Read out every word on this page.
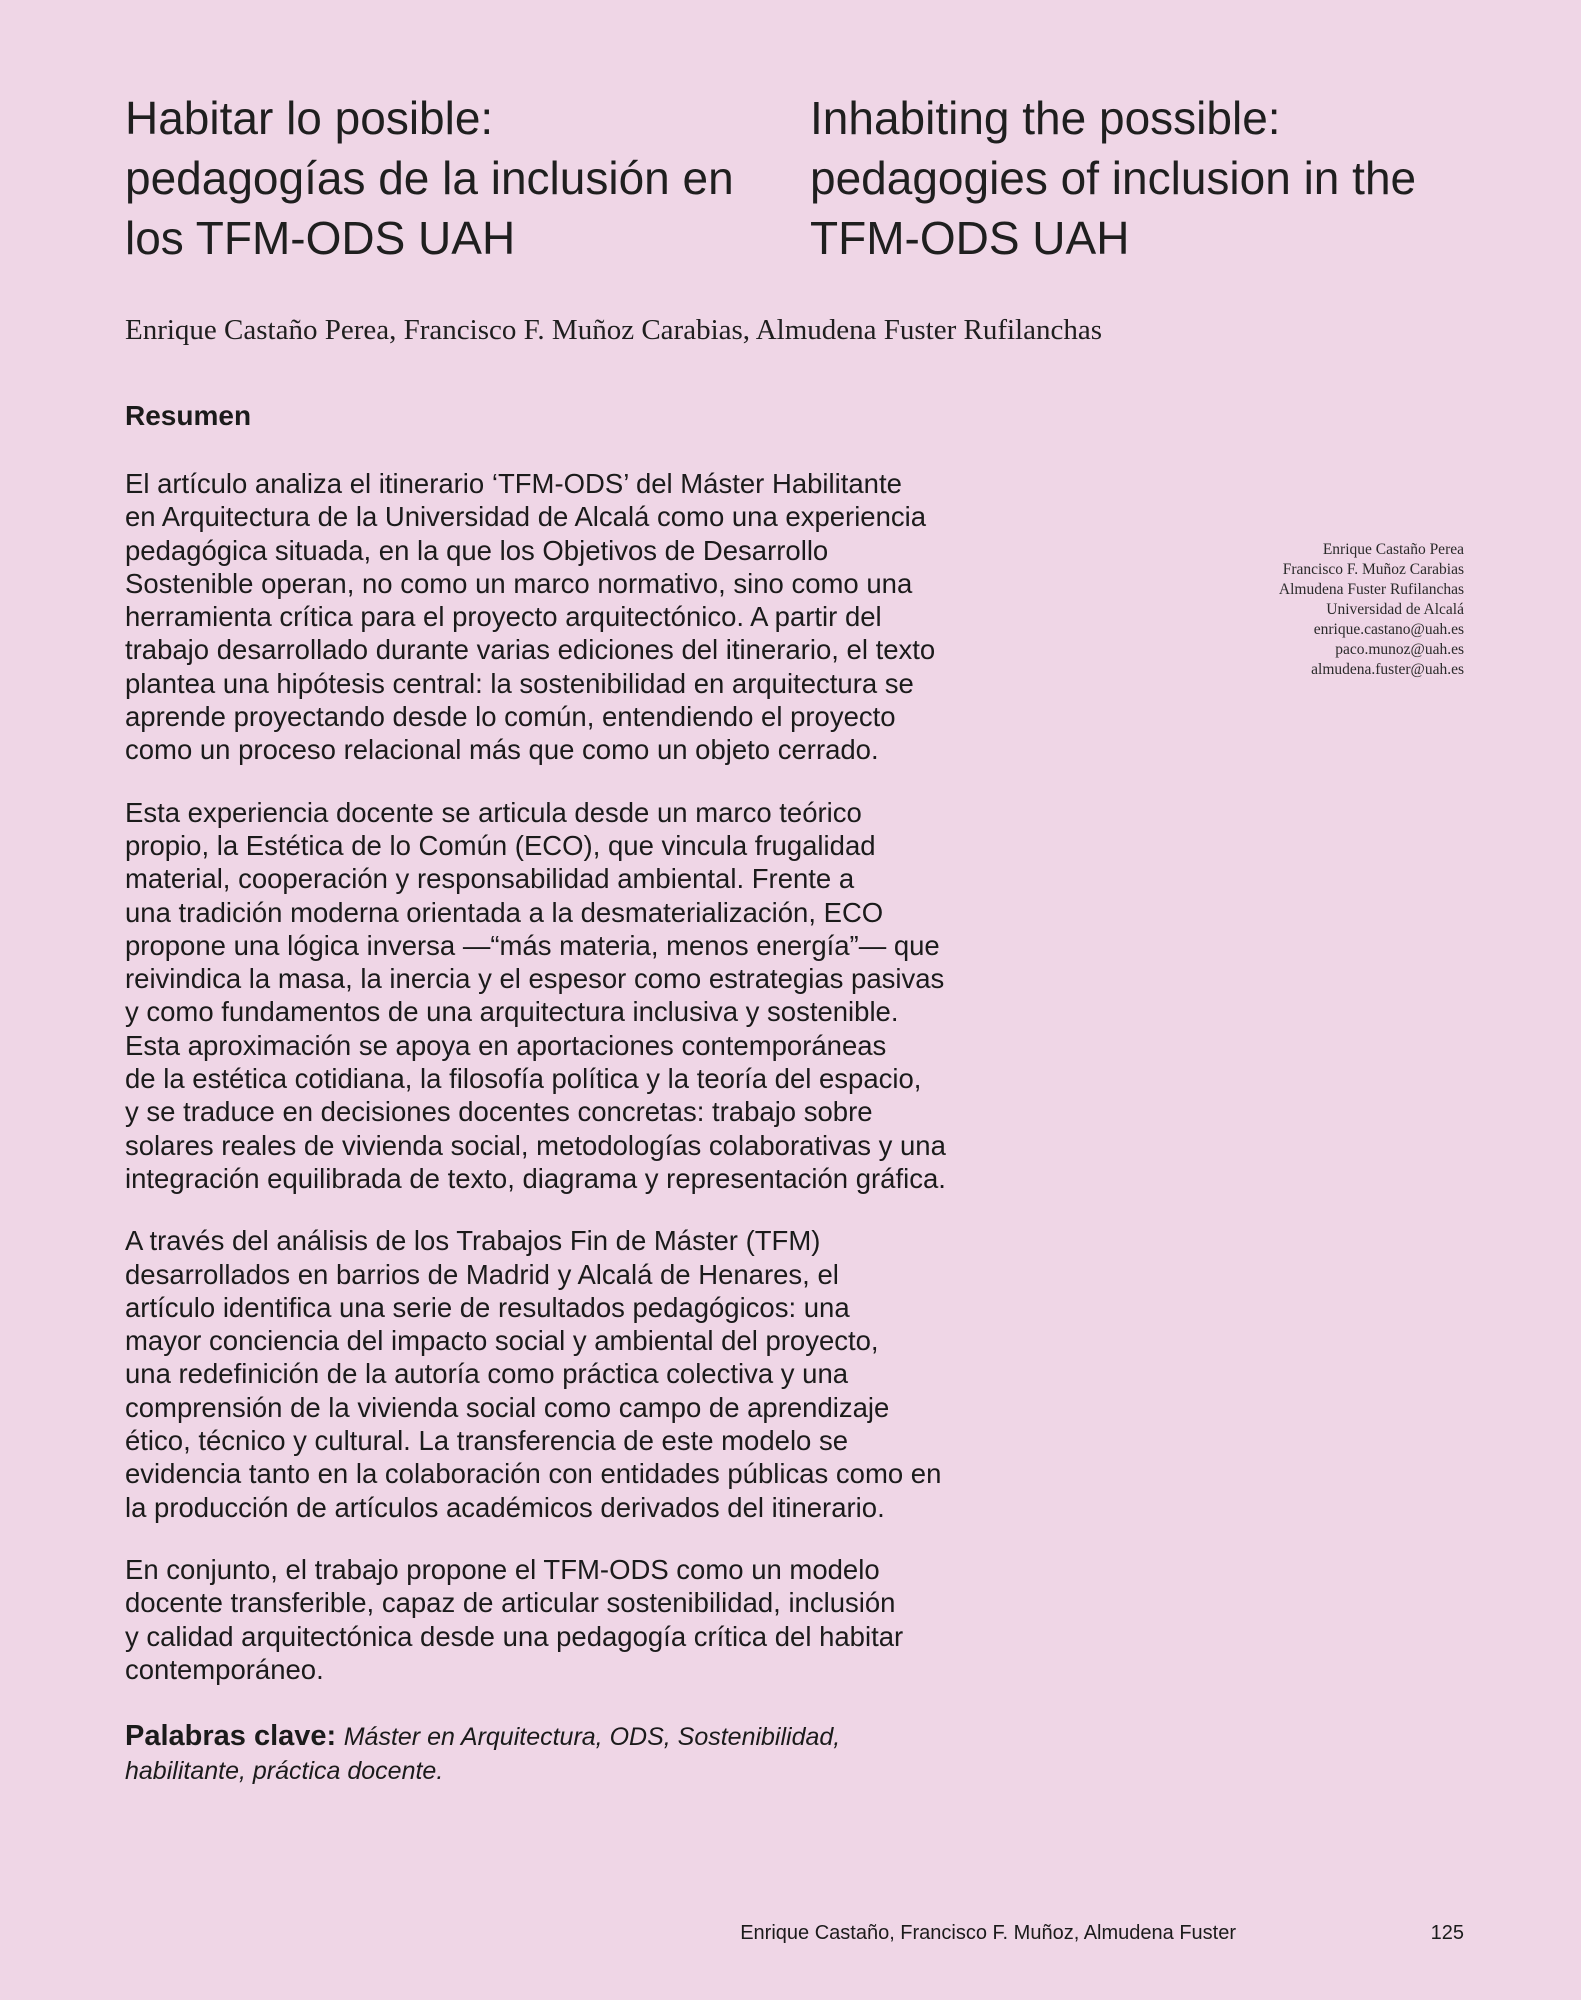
Habitar lo posible:
pedagogías de la inclusión en
los TFM-ODS UAH
Inhabiting the possible:
pedagogies of inclusion in the
TFM-ODS UAH
Enrique Castaño Perea, Francisco F. Muñoz Carabias, Almudena Fuster Rufilanchas
Resumen

El artículo analiza el itinerario ‘TFM-ODS’ del Máster Habilitante
en Arquitectura de la Universidad de Alcalá como una experiencia
pedagógica situada, en la que los Objetivos de Desarrollo
Sostenible operan, no como un marco normativo, sino como una
herramienta crítica para el proyecto arquitectónico. A partir del
trabajo desarrollado durante varias ediciones del itinerario, el texto
plantea una hipótesis central: la sostenibilidad en arquitectura se
aprende proyectando desde lo común, entendiendo el proyecto
como un proceso relacional más que como un objeto cerrado.

Esta experiencia docente se articula desde un marco teórico
propio, la Estética de lo Común (ECO), que vincula frugalidad
material, cooperación y responsabilidad ambiental. Frente a
una tradición moderna orientada a la desmaterialización, ECO
propone una lógica inversa —“más materia, menos energía”— que
reivindica la masa, la inercia y el espesor como estrategias pasivas
y como fundamentos de una arquitectura inclusiva y sostenible.
Esta aproximación se apoya en aportaciones contemporáneas
de la estética cotidiana, la filosofía política y la teoría del espacio,
y se traduce en decisiones docentes concretas: trabajo sobre
solares reales de vivienda social, metodologías colaborativas y una
integración equilibrada de texto, diagrama y representación gráfica.

A través del análisis de los Trabajos Fin de Máster (TFM)
desarrollados en barrios de Madrid y Alcalá de Henares, el
artículo identifica una serie de resultados pedagógicos: una
mayor conciencia del impacto social y ambiental del proyecto,
una redefinición de la autoría como práctica colectiva y una
comprensión de la vivienda social como campo de aprendizaje
ético, técnico y cultural. La transferencia de este modelo se
evidencia tanto en la colaboración con entidades públicas como en
la producción de artículos académicos derivados del itinerario.

En conjunto, el trabajo propone el TFM-ODS como un modelo
docente transferible, capaz de articular sostenibilidad, inclusión
y calidad arquitectónica desde una pedagogía crítica del habitar
contemporáneo.

Palabras clave: Máster en Arquitectura, ODS, Sostenibilidad,
habilitante, práctica docente.
Enrique Castaño Perea
Francisco F. Muñoz Carabias
Almudena Fuster Rufilanchas
Universidad de Alcalá
enrique.castano@uah.es
paco.munoz@uah.es
almudena.fuster@uah.es
Enrique Castaño, Francisco F. Muñoz, Almudena Fuster	125
